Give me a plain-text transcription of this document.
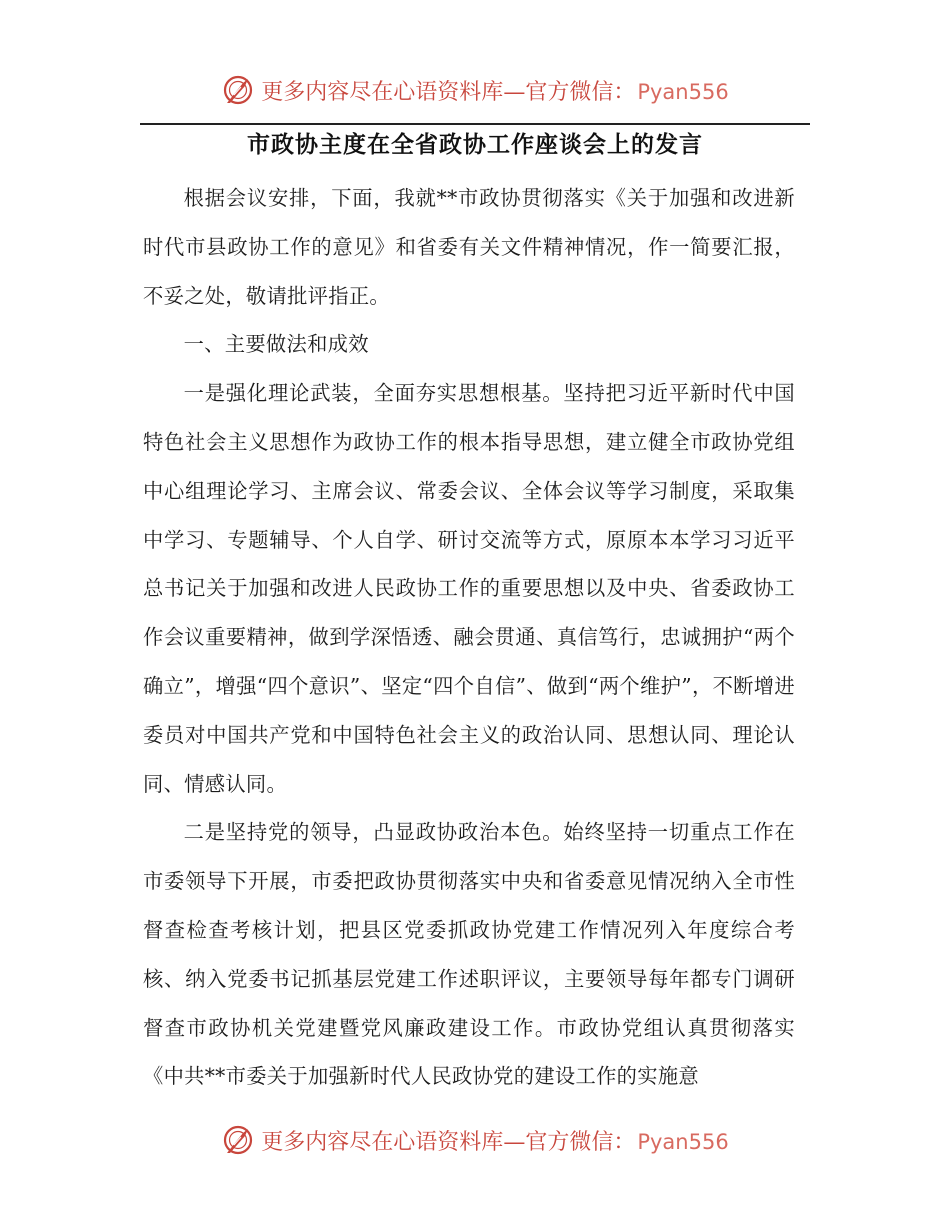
更多内容尽在心语资料库—官方微信：Pyan556
市政协主度在全省政协工作座谈会上的发言

根据会议安排，下面，我就**市政协贯彻落实《关于加强和改进新时代市县政协工作的意见》和省委有关文件精神情况，作一简要汇报，不妥之处，敬请批评指正。

一、主要做法和成效

一是强化理论武装，全面夯实思想根基。坚持把习近平新时代中国特色社会主义思想作为政协工作的根本指导思想，建立健全市政协党组中心组理论学习、主席会议、常委会议、全体会议等学习制度，采取集中学习、专题辅导、个人自学、研讨交流等方式，原原本本学习习近平总书记关于加强和改进人民政协工作的重要思想以及中央、省委政协工作会议重要精神，做到学深悟透、融会贯通、真信笃行，忠诚拥护“两个确立”，增强“四个意识”、坚定“四个自信”、做到“两个维护”，不断增进委员对中国共产党和中国特色社会主义的政治认同、思想认同、理论认同、情感认同。

二是坚持党的领导，凸显政协政治本色。始终坚持一切重点工作在市委领导下开展，市委把政协贯彻落实中央和省委意见情况纳入全市性督查检查考核计划，把县区党委抓政协党建工作情况列入年度综合考核、纳入党委书记抓基层党建工作述职评议，主要领导每年都专门调研督查市政协机关党建暨党风廉政建设工作。市政协党组认真贯彻落实《中共**市委关于加强新时代人民政协党的建设工作的实施意

更多内容尽在心语资料库—官方微信：Pyan556
